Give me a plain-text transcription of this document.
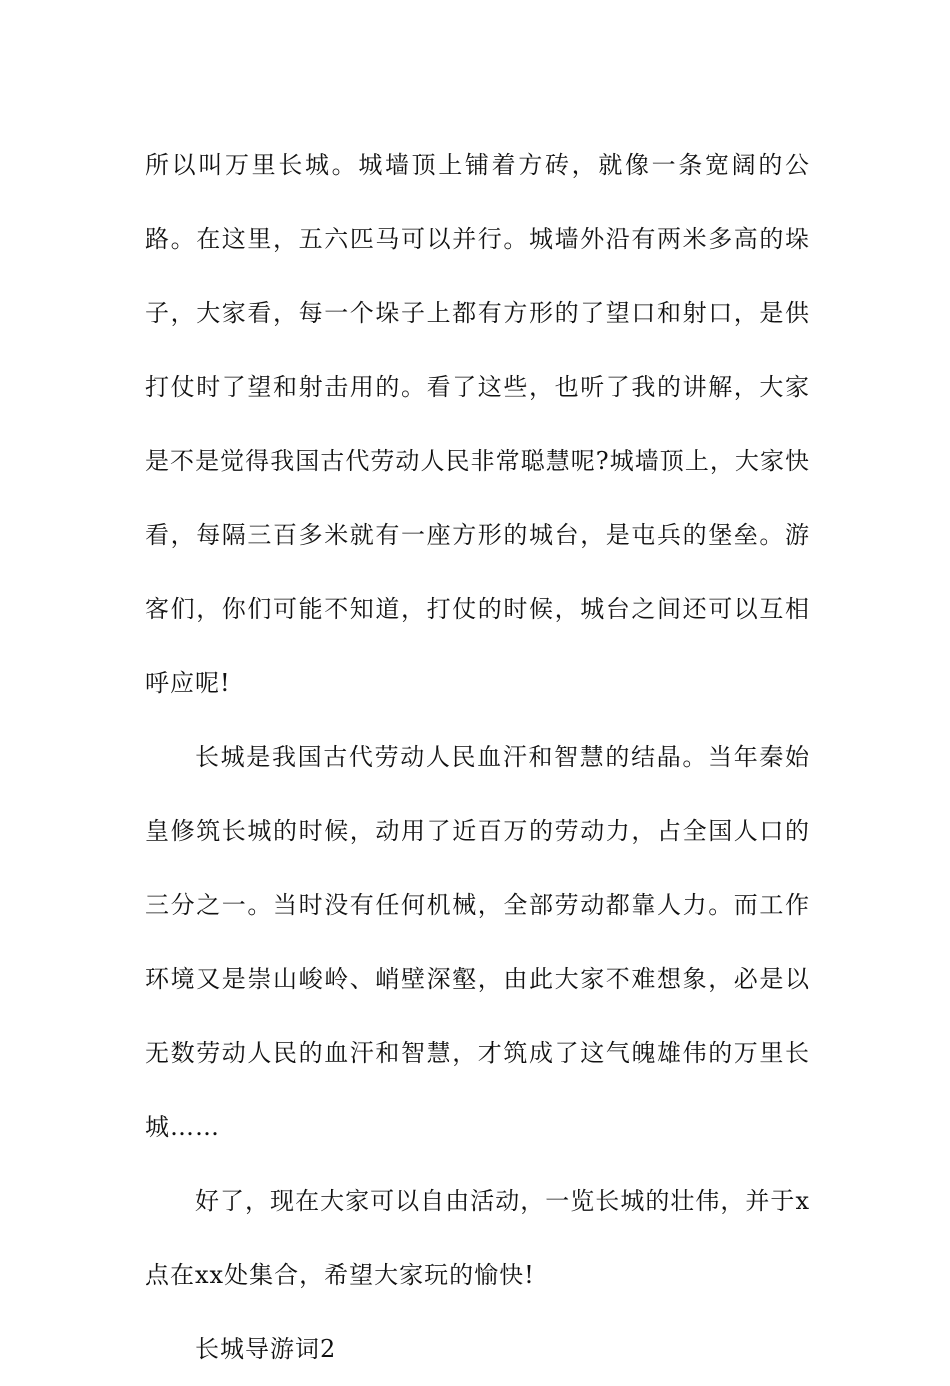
所以叫万里长城。城墙顶上铺着方砖，就像一条宽阔的公路。在这里，五六匹马可以并行。城墙外沿有两米多高的垛子，大家看，每一个垛子上都有方形的了望口和射口，是供打仗时了望和射击用的。看了这些，也听了我的讲解，大家是不是觉得我国古代劳动人民非常聪慧呢?城墙顶上，大家快看，每隔三百多米就有一座方形的城台，是屯兵的堡垒。游客们，你们可能不知道，打仗的时候，城台之间还可以互相呼应呢!

长城是我国古代劳动人民血汗和智慧的结晶。当年秦始皇修筑长城的时候，动用了近百万的劳动力，占全国人口的三分之一。当时没有任何机械，全部劳动都靠人力。而工作环境又是崇山峻岭、峭壁深壑，由此大家不难想象，必是以无数劳动人民的血汗和智慧，才筑成了这气魄雄伟的万里长城……

好了，现在大家可以自由活动，一览长城的壮伟，并于x点在xx处集合，希望大家玩的愉快!

长城导游词2
